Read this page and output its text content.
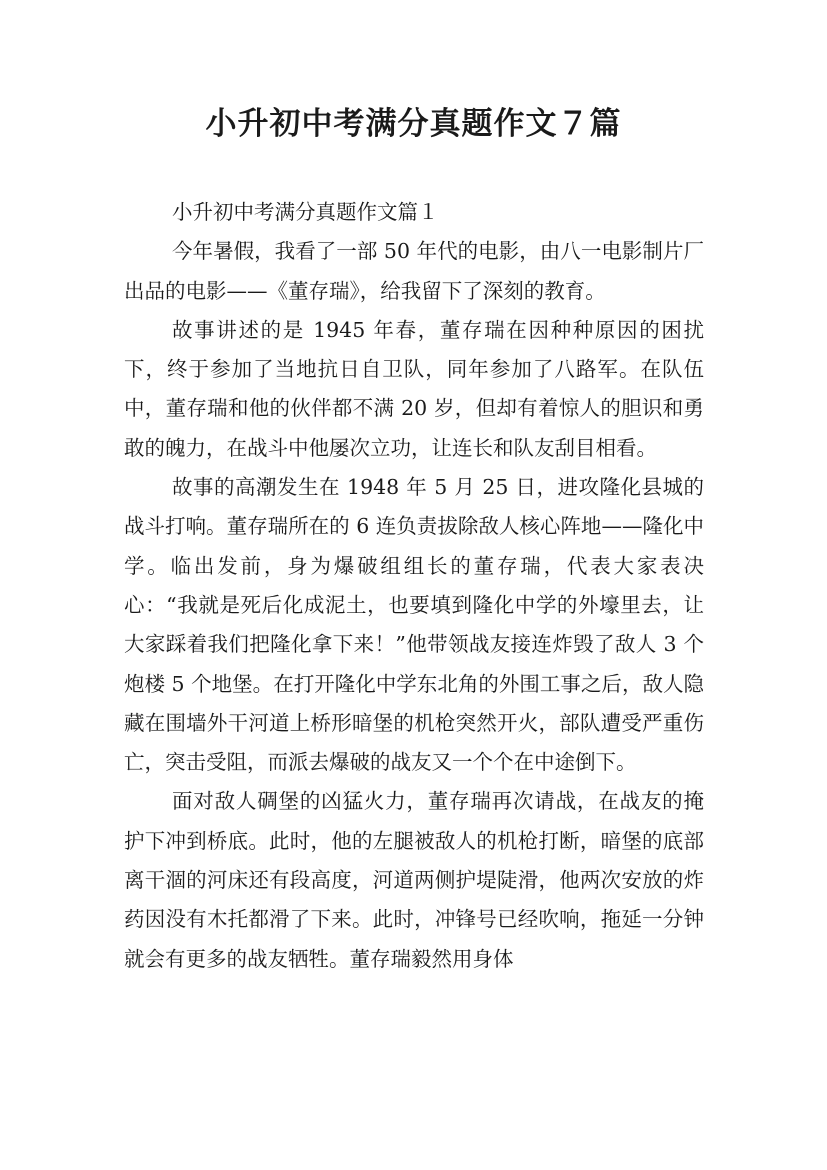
小升初中考满分真题作文７篇

小升初中考满分真题作文篇１

今年暑假，我看了一部 50 年代的电影，由八一电影制片厂出品的电影——《董存瑞》，给我留下了深刻的教育。

故事讲述的是 1945 年春，董存瑞在因种种原因的困扰下，终于参加了当地抗日自卫队，同年参加了八路军。在队伍中，董存瑞和他的伙伴都不满 20 岁，但却有着惊人的胆识和勇敢的魄力，在战斗中他屡次立功，让连长和队友刮目相看。

故事的高潮发生在 1948 年 5 月 25 日，进攻隆化县城的战斗打响。董存瑞所在的 6 连负责拔除敌人核心阵地——隆化中学。临出发前，身为爆破组组长的董存瑞，代表大家表决心：“我就是死后化成泥土，也要填到隆化中学的外壕里去，让大家踩着我们把隆化拿下来！”他带领战友接连炸毁了敌人 3 个炮楼 5 个地堡。在打开隆化中学东北角的外围工事之后，敌人隐藏在围墙外干河道上桥形暗堡的机枪突然开火，部队遭受严重伤亡，突击受阻，而派去爆破的战友又一个个在中途倒下。

面对敌人碉堡的凶猛火力，董存瑞再次请战，在战友的掩护下冲到桥底。此时，他的左腿被敌人的机枪打断，暗堡的底部离干涸的河床还有段高度，河道两侧护堤陡滑，他两次安放的炸药因没有木托都滑了下来。此时，冲锋号已经吹响，拖延一分钟就会有更多的战友牺牲。董存瑞毅然用身体
